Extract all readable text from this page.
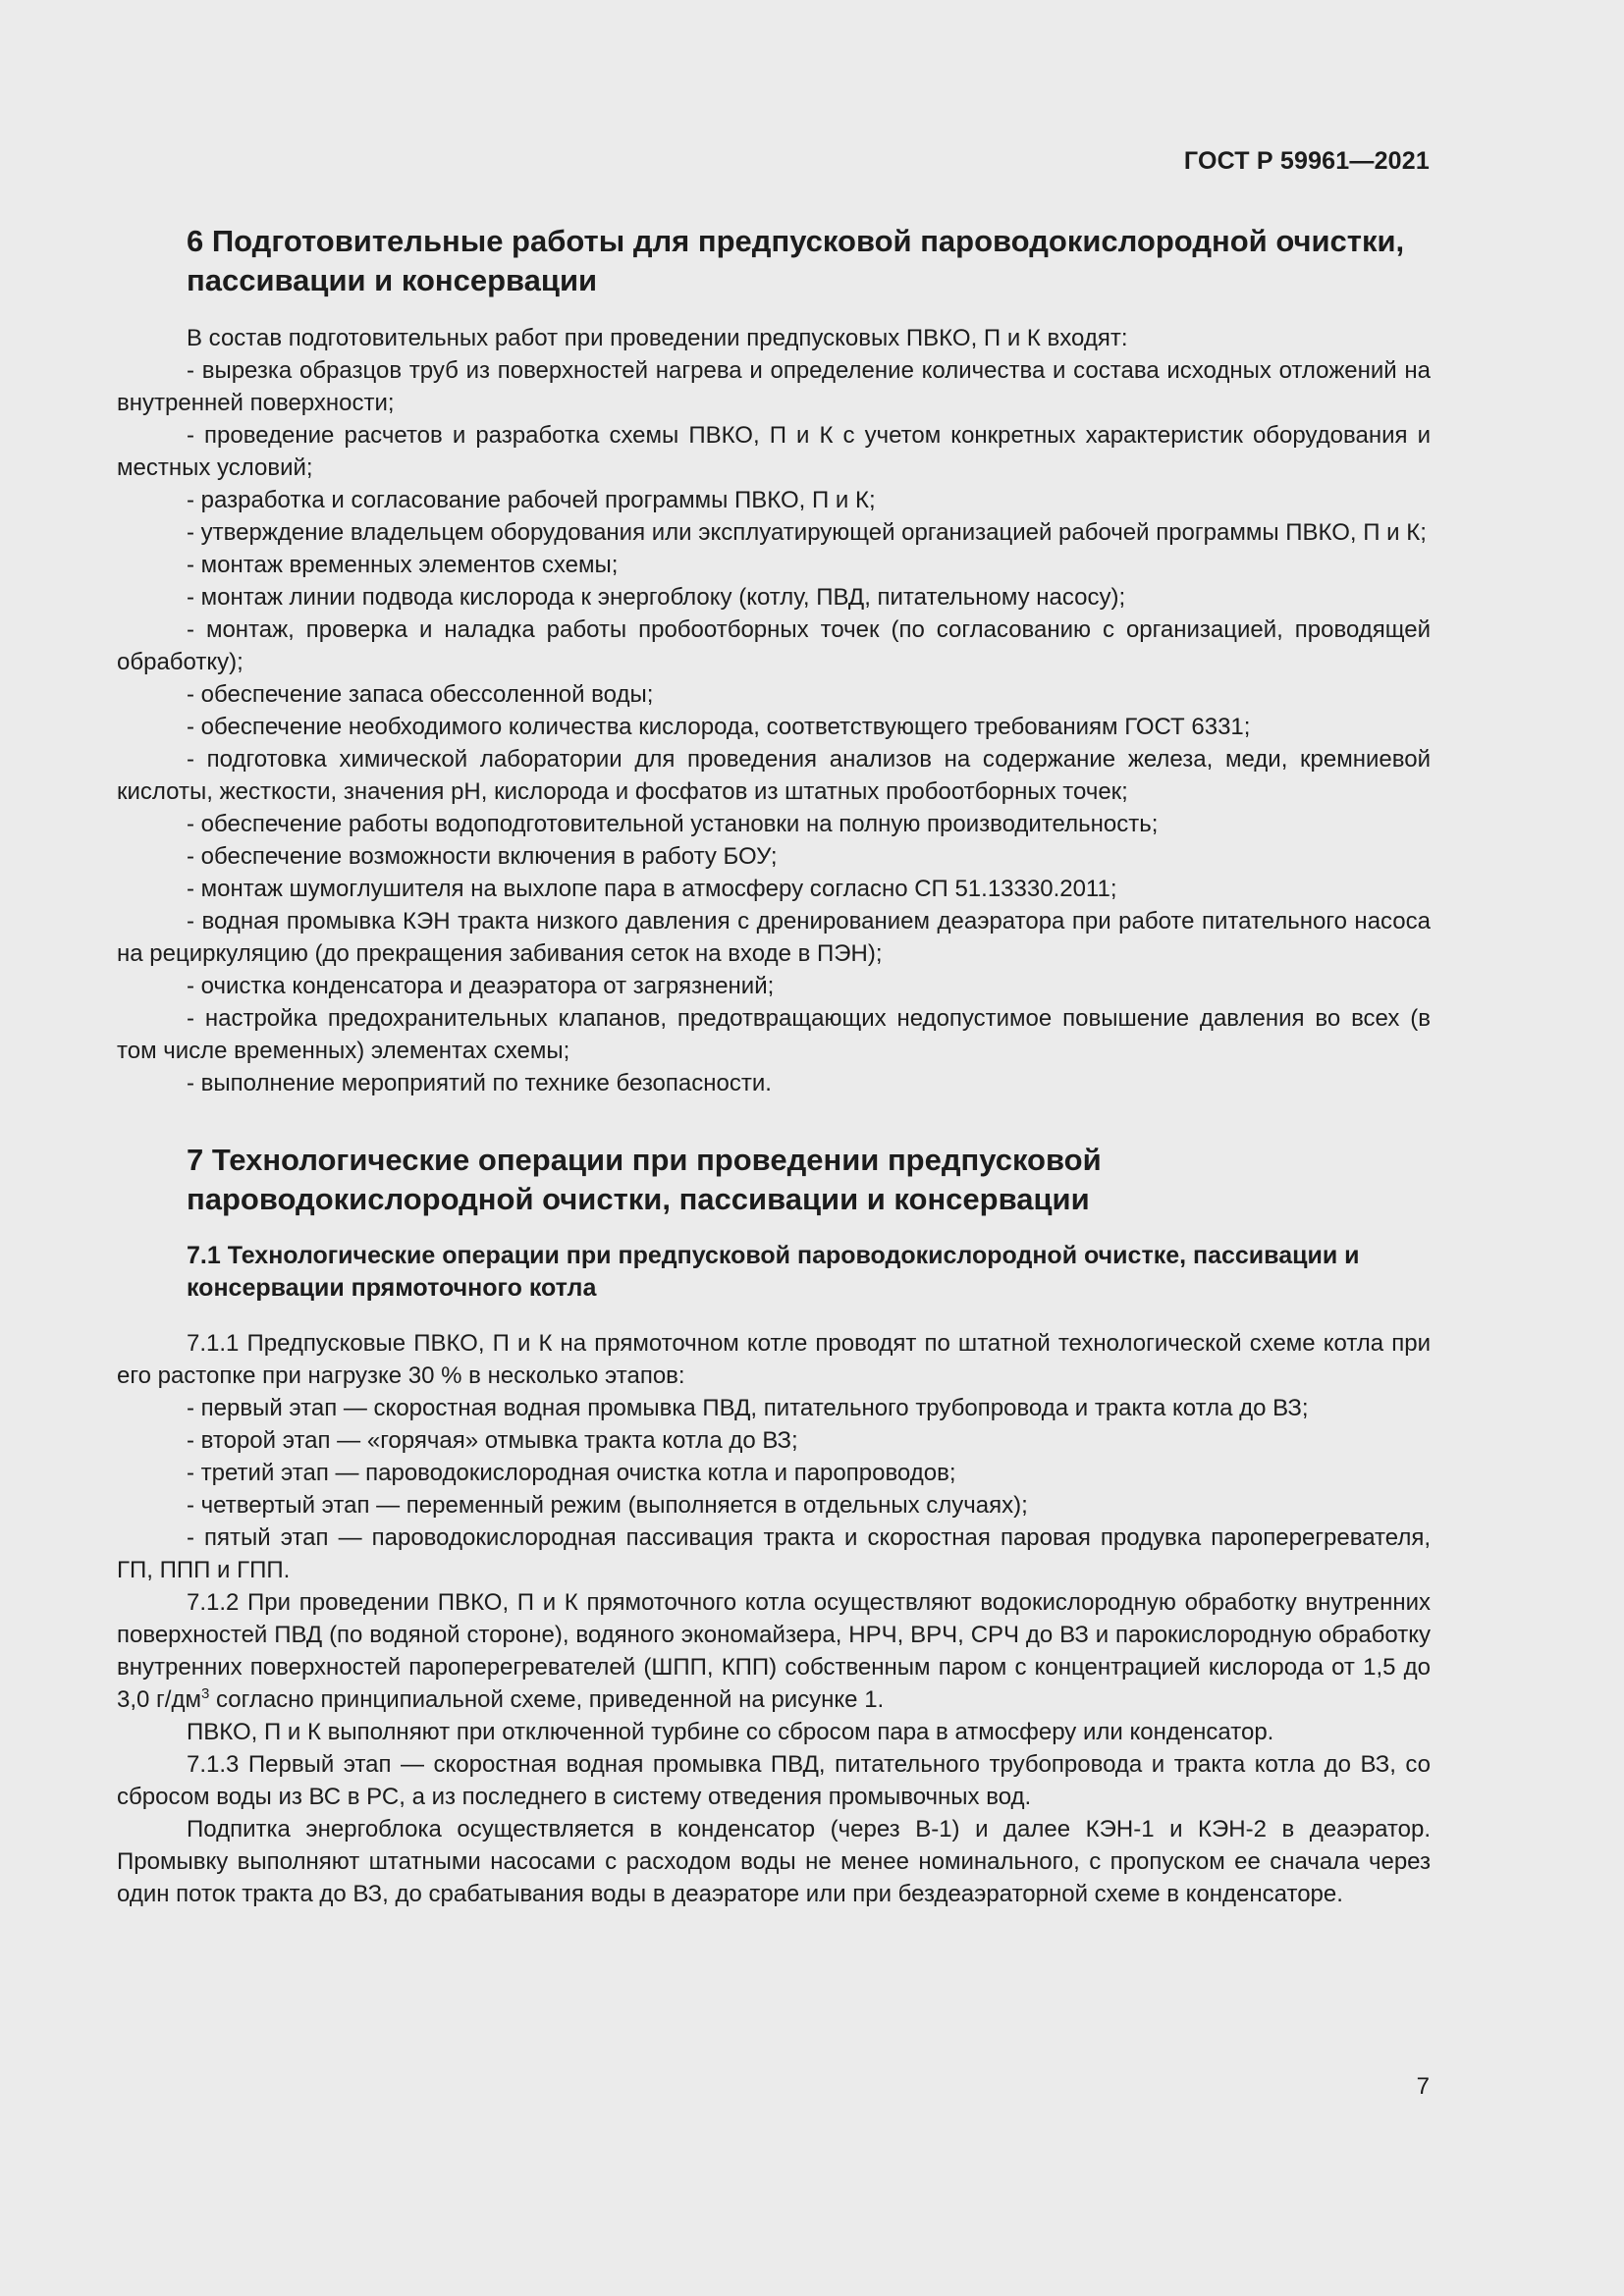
ГОСТ Р 59961—2021
6 Подготовительные работы для предпусковой пароводокислородной очистки, пассивации и консервации

В состав подготовительных работ при проведении предпусковых ПВКО, П и К входят:

- вырезка образцов труб из поверхностей нагрева и определение количества и состава исходных отложений на внутренней поверхности;

- проведение расчетов и разработка схемы ПВКО, П и К с учетом конкретных характеристик оборудования и местных условий;

- разработка и согласование рабочей программы ПВКО, П и К;

- утверждение владельцем оборудования или эксплуатирующей организацией рабочей программы ПВКО, П и К;

- монтаж временных элементов схемы;

- монтаж линии подвода кислорода к энергоблоку (котлу, ПВД, питательному насосу);

- монтаж, проверка и наладка работы пробоотборных точек (по согласованию с организацией, проводящей обработку);

- обеспечение запаса обессоленной воды;

- обеспечение необходимого количества кислорода, соответствующего требованиям ГОСТ 6331;

- подготовка химической лаборатории для проведения анализов на содержание железа, меди, кремниевой кислоты, жесткости, значения pH, кислорода и фосфатов из штатных пробоотборных точек;

- обеспечение работы водоподготовительной установки на полную производительность;

- обеспечение возможности включения в работу БОУ;

- монтаж шумоглушителя на выхлопе пара в атмосферу согласно СП 51.13330.2011;

- водная промывка КЭН тракта низкого давления с дренированием деаэратора при работе питательного насоса на рециркуляцию (до прекращения забивания сеток на входе в ПЭН);

- очистка конденсатора и деаэратора от загрязнений;

- настройка предохранительных клапанов, предотвращающих недопустимое повышение давления во всех (в том числе временных) элементах схемы;

- выполнение мероприятий по технике безопасности.

7 Технологические операции при проведении предпусковой пароводокислородной очистки, пассивации и консервации
7.1 Технологические операции при предпусковой пароводокислородной очистке, пассивации и консервации прямоточного котла

7.1.1 Предпусковые ПВКО, П и К на прямоточном котле проводят по штатной технологической схеме котла при его растопке при нагрузке 30 % в несколько этапов:

- первый этап — скоростная водная промывка ПВД, питательного трубопровода и тракта котла до ВЗ;

- второй этап — «горячая» отмывка тракта котла до ВЗ;

- третий этап — пароводокислородная очистка котла и паропроводов;

- четвертый этап — переменный режим (выполняется в отдельных случаях);

- пятый этап — пароводокислородная пассивация тракта и скоростная паровая продувка пароперегревателя, ГП, ППП и ГПП.

7.1.2 При проведении ПВКО, П и К прямоточного котла осуществляют водокислородную обработку внутренних поверхностей ПВД (по водяной стороне), водяного экономайзера, НРЧ, ВРЧ, СРЧ до ВЗ и парокислородную обработку внутренних поверхностей пароперегревателей (ШПП, КПП) собственным паром с концентрацией кислорода от 1,5 до 3,0 $г/дм^3$ согласно принципиальной схеме, приведенной на рисунке 1.

ПВКО, П и К выполняют при отключенной турбине со сбросом пара в атмосферу или конденсатор.

7.1.3 Первый этап — скоростная водная промывка ПВД, питательного трубопровода и тракта котла до ВЗ, со сбросом воды из ВС в РС, а из последнего в систему отведения промывочных вод.

Подпитка энергоблока осуществляется в конденсатор (через В-1) и далее КЭН-1 и КЭН-2 в деаэратор. Промывку выполняют штатными насосами с расходом воды не менее номинального, с пропуском ее сначала через один поток тракта до ВЗ, до срабатывания воды в деаэраторе или при бездеаэраторной схеме в конденсаторе.

7
